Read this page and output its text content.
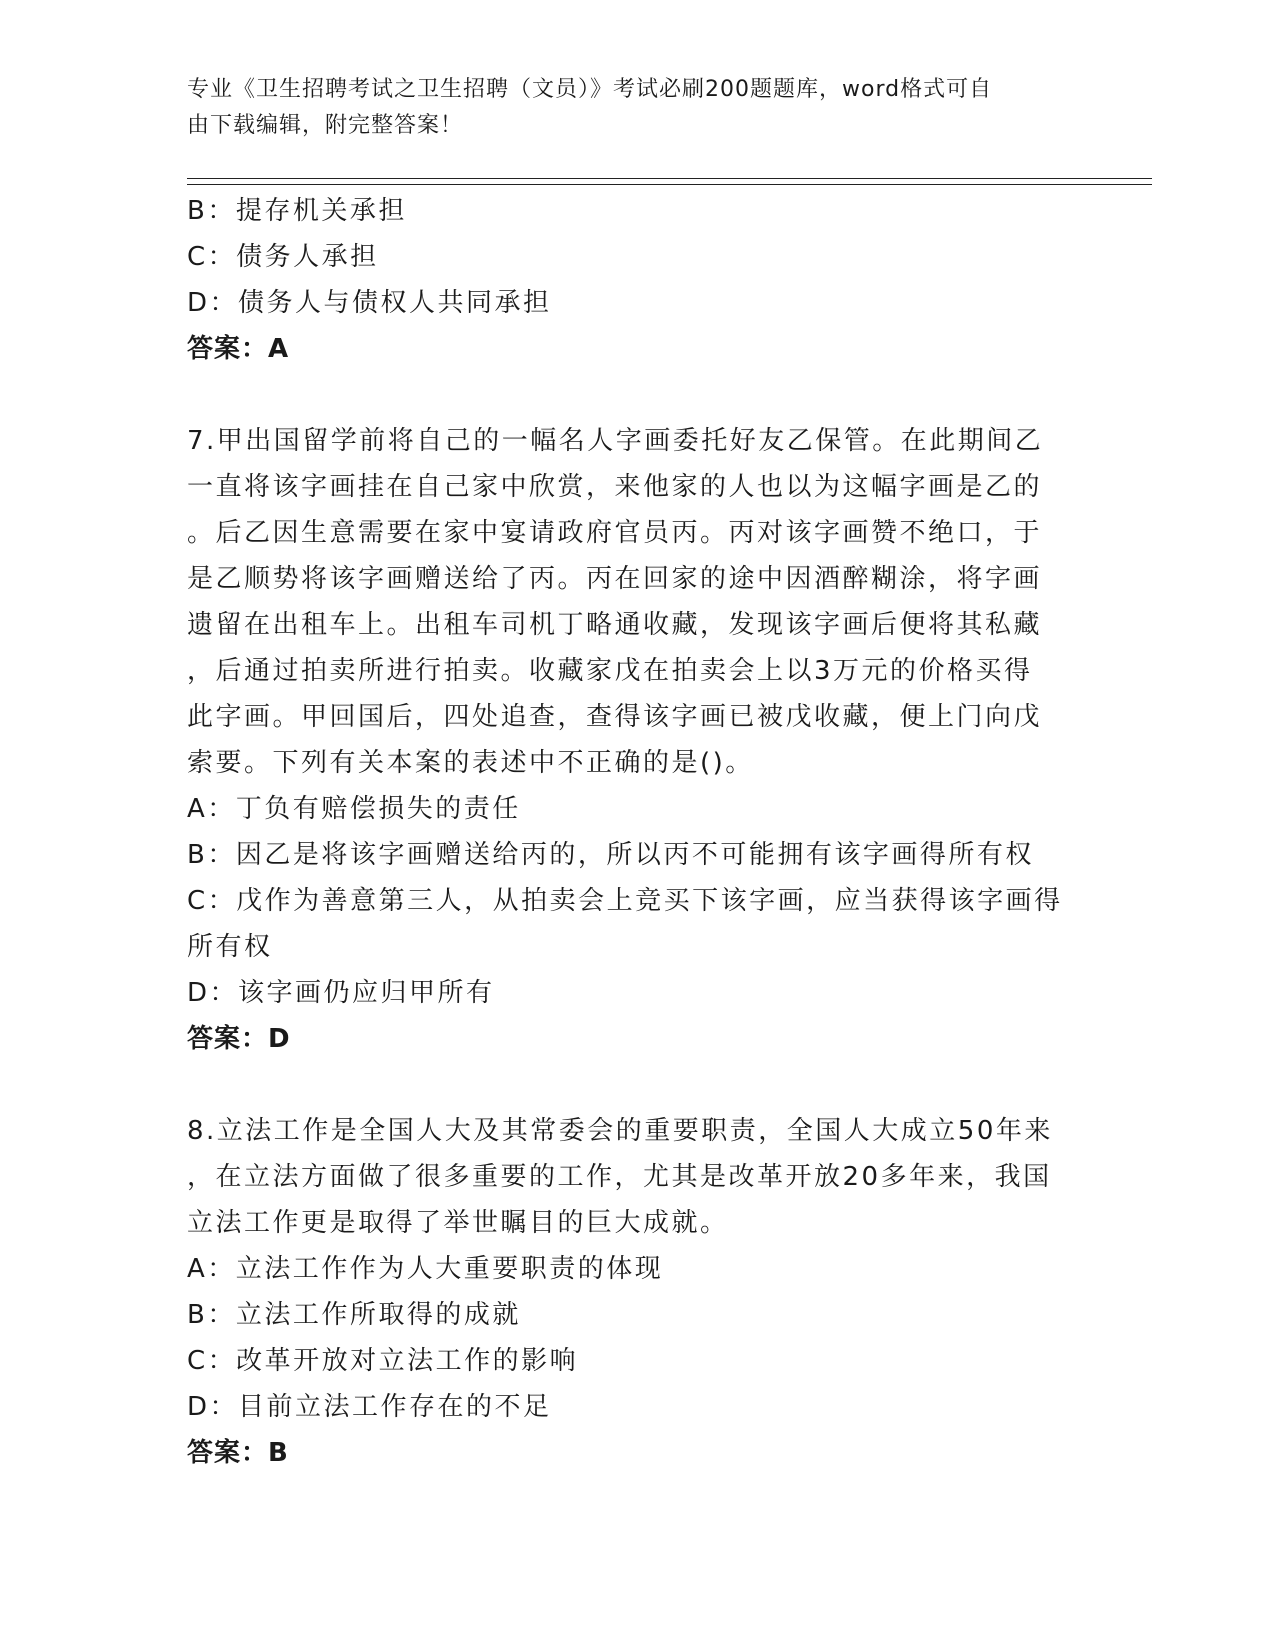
专业《卫生招聘考试之卫生招聘（文员）》考试必刷200题题库，word格式可自
由下载编辑，附完整答案！
B：提存机关承担
C：债务人承担
D：债务人与债权人共同承担
答案：A
7.甲出国留学前将自己的一幅名人字画委托好友乙保管。在此期间乙
一直将该字画挂在自己家中欣赏，来他家的人也以为这幅字画是乙的
。后乙因生意需要在家中宴请政府官员丙。丙对该字画赞不绝口，于
是乙顺势将该字画赠送给了丙。丙在回家的途中因酒醉糊涂，将字画
遗留在出租车上。出租车司机丁略通收藏，发现该字画后便将其私藏
，后通过拍卖所进行拍卖。收藏家戊在拍卖会上以3万元的价格买得
此字画。甲回国后，四处追查，查得该字画已被戊收藏，便上门向戊
索要。下列有关本案的表述中不正确的是()。
A：丁负有赔偿损失的责任
B：因乙是将该字画赠送给丙的，所以丙不可能拥有该字画得所有权
C：戊作为善意第三人，从拍卖会上竞买下该字画，应当获得该字画得
所有权
D：该字画仍应归甲所有
答案：D
8.立法工作是全国人大及其常委会的重要职责，全国人大成立50年来
，在立法方面做了很多重要的工作，尤其是改革开放20多年来，我国
立法工作更是取得了举世瞩目的巨大成就。
A：立法工作作为人大重要职责的体现
B：立法工作所取得的成就
C：改革开放对立法工作的影响
D：目前立法工作存在的不足
答案：B
